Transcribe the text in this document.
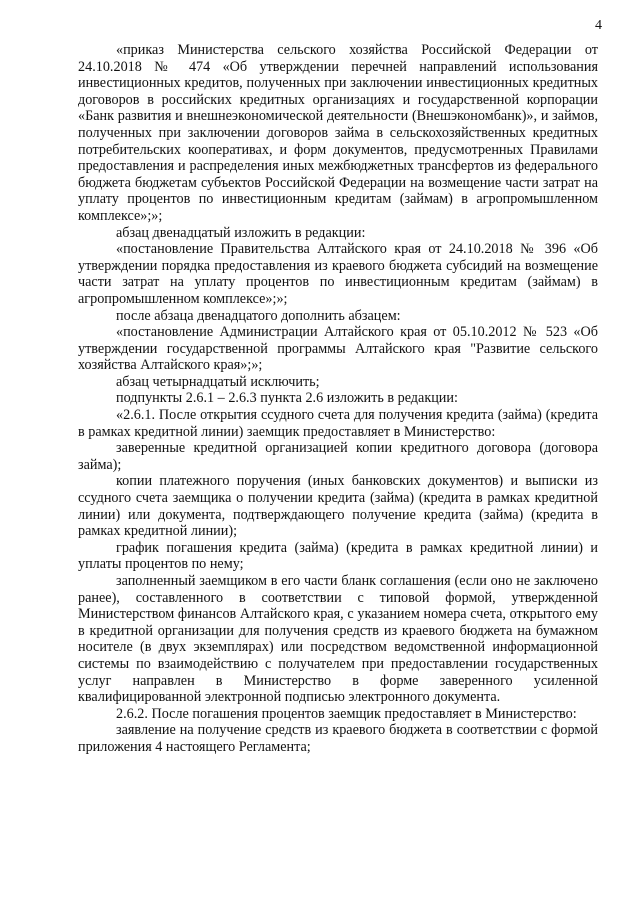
4

«приказ Министерства сельского хозяйства Российской Федерации от 24.10.2018 № 474 «Об утверждении перечней направлений использования инвестиционных кредитов, полученных при заключении инвестиционных кредитных договоров в российских кредитных организациях и государственной корпорации «Банк развития и внешнеэкономической деятельности (Внешэкономбанк)», и займов, полученных при заключении договоров займа в сельскохозяйственных кредитных потребительских кооперативах, и форм документов, предусмотренных Правилами предоставления и распределения иных межбюджетных трансфертов из федерального бюджета бюджетам субъектов Российской Федерации на возмещение части затрат на уплату процентов по инвестиционным кредитам (займам) в агропромышленном комплексе»;»;

абзац двенадцатый изложить в редакции:

«постановление Правительства Алтайского края от 24.10.2018 № 396 «Об утверждении порядка предоставления из краевого бюджета субсидий на возмещение части затрат на уплату процентов по инвестиционным кредитам (займам) в агропромышленном комплексе»;»;

после абзаца двенадцатого дополнить абзацем:

«постановление Администрации Алтайского края от 05.10.2012 № 523 «Об утверждении государственной программы Алтайского края "Развитие сельского хозяйства Алтайского края»;»;

абзац четырнадцатый исключить;

подпункты 2.6.1 – 2.6.3 пункта 2.6 изложить в редакции:

«2.6.1. После открытия ссудного счета для получения кредита (займа) (кредита в рамках кредитной линии) заемщик предоставляет в Министерство:

заверенные кредитной организацией копии кредитного договора (договора займа);

копии платежного поручения (иных банковских документов) и выписки из ссудного счета заемщика о получении кредита (займа) (кредита в рамках кредитной линии) или документа, подтверждающего получение кредита (займа) (кредита в рамках кредитной линии);

график погашения кредита (займа) (кредита в рамках кредитной линии) и уплаты процентов по нему;

заполненный заемщиком в его части бланк соглашения (если оно не заключено ранее), составленного в соответствии с типовой формой, утвержденной Министерством финансов Алтайского края, с указанием номера счета, открытого ему в кредитной организации для получения средств из краевого бюджета на бумажном носителе (в двух экземплярах) или посредством ведомственной информационной системы по взаимодействию с получателем при предоставлении государственных услуг направлен в Министерство в форме заверенного усиленной квалифицированной электронной подписью электронного документа.

2.6.2. После погашения процентов заемщик предоставляет в Министерство:

заявление на получение средств из краевого бюджета в соответствии с формой приложения 4 настоящего Регламента;
